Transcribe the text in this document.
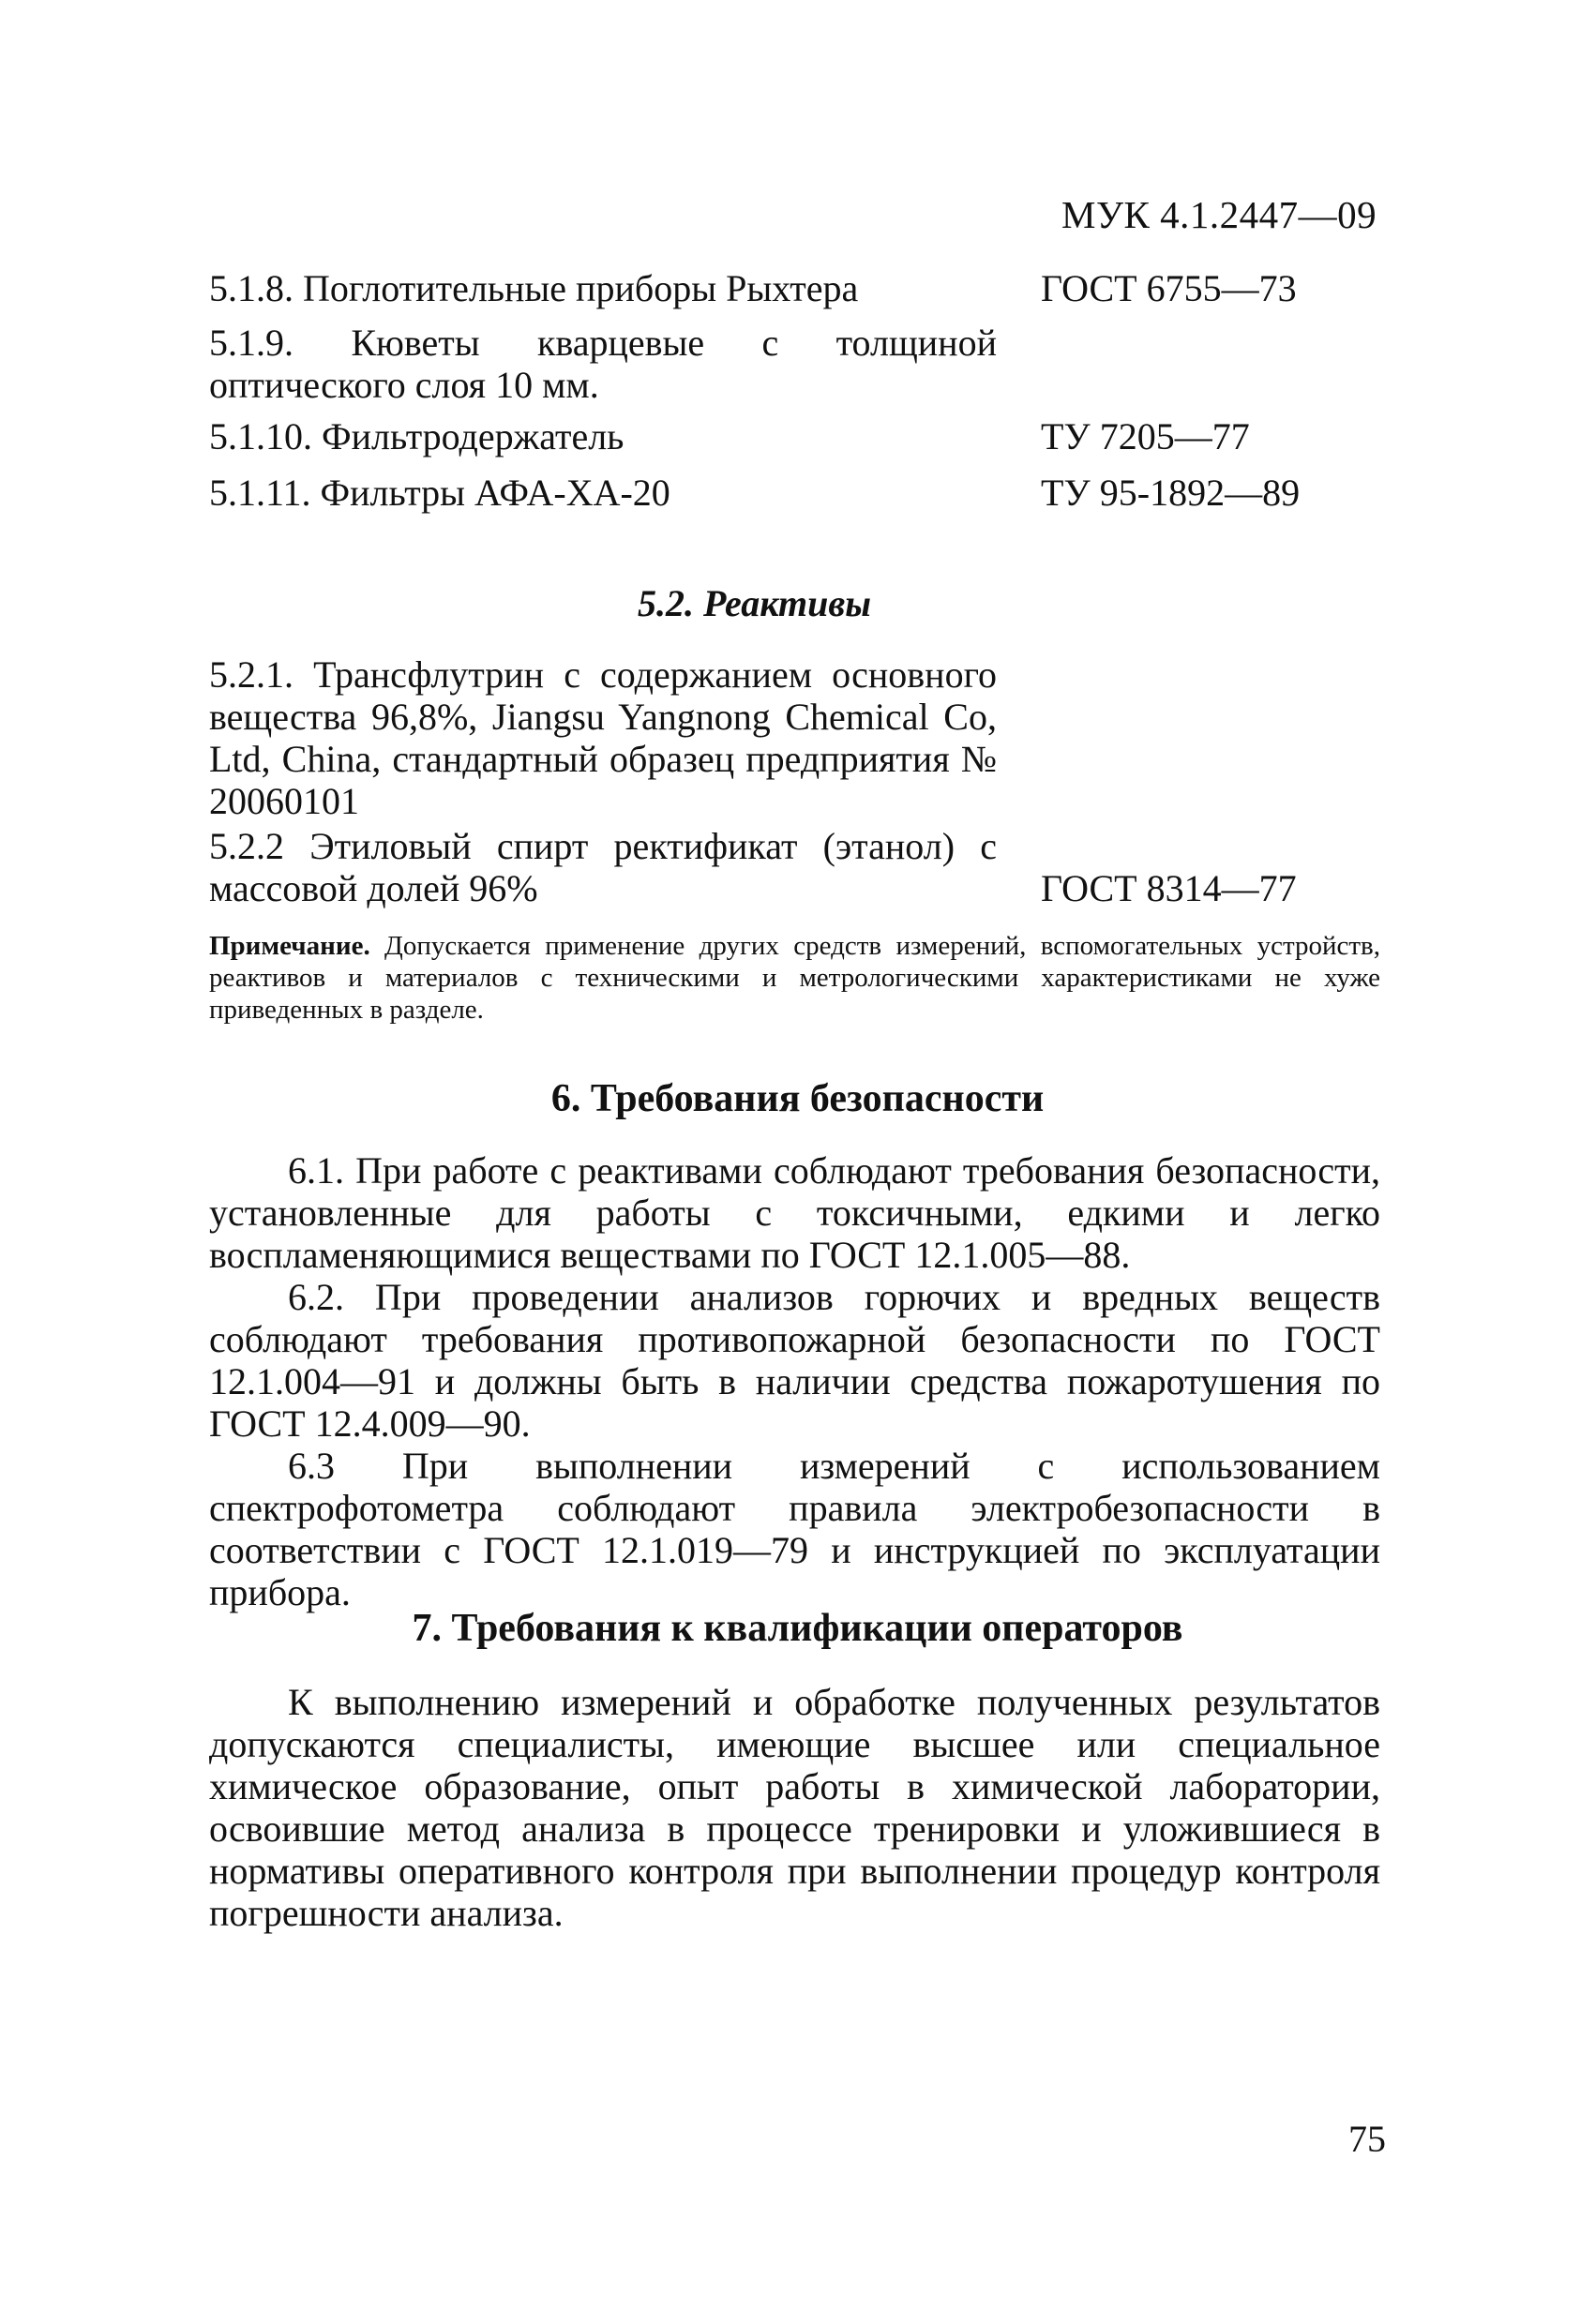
МУК 4.1.2447—09
5.1.8. Поглотительные приборы Рыхтера	ГОСТ 6755—73
5.1.9. Кюветы кварцевые с толщиной оптического слоя 10 мм.
5.1.10. Фильтродержатель	ТУ 7205—77
5.1.11. Фильтры АФА-ХА-20	ТУ 95-1892—89
5.2. Реактивы
5.2.1. Трансфлутрин с содержанием основного вещества 96,8%, Jiangsu Yangnong Chemical Co, Ltd, China, стандартный образец предприятия № 20060101
5.2.2 Этиловый спирт ректификат (этанол) с массовой долей 96%	ГОСТ 8314—77
Примечание. Допускается применение других средств измерений, вспомогательных устройств, реактивов и материалов с техническими и метрологическими характеристиками не хуже приведенных в разделе.
6. Требования безопасности

6.1. При работе с реактивами соблюдают требования безопасности, установленные для работы с токсичными, едкими и легко воспламеняющимися веществами по ГОСТ 12.1.005—88.

6.2. При проведении анализов горючих и вредных веществ соблюдают требования противопожарной безопасности по ГОСТ 12.1.004—91 и должны быть в наличии средства пожаротушения по ГОСТ 12.4.009—90.

6.3 При выполнении измерений с использованием спектрофотометра соблюдают правила электробезопасности в соответствии с ГОСТ 12.1.019—79 и инструкцией по эксплуатации прибора.

7. Требования к квалификации операторов

К выполнению измерений и обработке полученных результатов допускаются специалисты, имеющие высшее или специальное химическое образование, опыт работы в химической лаборатории, освоившие метод анализа в процессе тренировки и уложившиеся в нормативы оперативного контроля при выполнении процедур контроля погрешности анализа.

75
